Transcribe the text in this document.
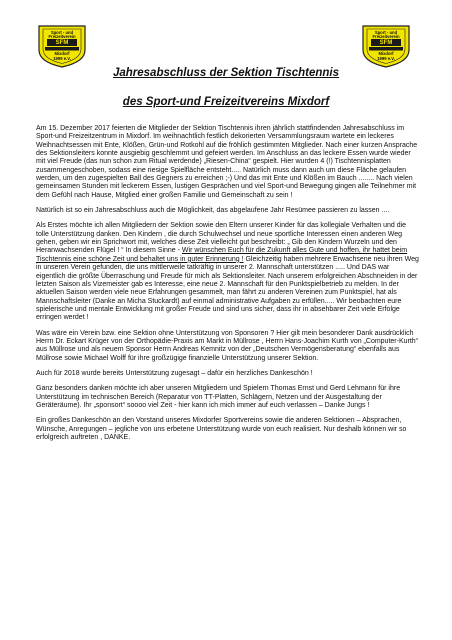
Sport - und
Freizeitverein
SFM
Mixdorf
1999 e.V.
Sport - und
Freizeitverein
SFM
Mixdorf
1999 e.V.
Jahresabschluss der Sektion Tischtennis
des Sport-und Freizeitvereins Mixdorf

Am 15. Dezember 2017 feierten die Mitglieder der Sektion Tischtennis ihren jährlich stattfindenden Jahresabschluss im Sport-und Freizeitzentrum in Mixdorf. Im weihnachtlich festlich dekorierten Versammlungsraum wartete ein leckeres Weihnachtsessen mit Ente, Klößen, Grün-und Rotkohl auf die fröhlich gestimmten Mitglieder. Nach einer kurzen Ansprache des Sektionsleiters konnte ausgiebig geschlemmt und gefeiert werden. Im Anschluss an das leckere Essen wurde wieder mit viel Freude (das nun schon zum Ritual werdende) „Riesen-China“ gespielt. Hier wurden 4 (!) Tischtennisplatten zusammengeschoben, sodass eine riesige Spielfläche entsteht..... Natürlich muss dann auch um diese Fläche gelaufen werden, um den zugespielten Ball des Gegners zu erreichen ;-) Und das mit Ente und Klößen im Bauch ........ Nach vielen gemeinsamen Stunden mit leckerem Essen, lustigen Gesprächen und viel Sport-und Bewegung gingen alle Teilnehmer mit dem Gefühl nach Hause, Mitglied einer großen Familie und Gemeinschaft zu sein !

Natürlich ist so ein Jahresabschluss auch die Möglichkeit, das abgelaufene Jahr Resümee passieren zu lassen ....

Als Erstes möchte ich allen Mitgliedern der Sektion sowie den Eltern unserer Kinder für das kollegiale Verhalten und die tolle Unterstützung danken. Den Kindern , die durch Schulwechsel und neue sportliche Interessen einen anderen Weg gehen, geben wir ein Sprichwort mit, welches diese Zeit vielleicht gut beschreibt: „ Gib den Kindern Wurzeln und den Heranwachsenden Flügel ! “ In diesem Sinne - Wir wünschen Euch für die Zukunft alles Gute und hoffen, ihr hattet beim Tischtennis eine schöne Zeit und behaltet uns in guter Erinnerung ! Gleichzeitig haben mehrere Erwachsene neu ihren Weg in unseren Verein gefunden, die uns mittlerweile tatkräftig in unserer 2. Mannschaft unterstützen ..... Und DAS war eigentlich die größte Überraschung und Freude für mich als Sektionsleiter. Nach unserem erfolgreichen Abschneiden in der letzten Saison als Vizemeister gab es Interesse, eine neue 2. Mannschaft für den Punktspielbetrieb zu melden. In der aktuellen Saison werden viele neue Erfahrungen gesammelt, man fährt zu anderen Vereinen zum Punktspiel, hat als Mannschaftsleiter (Danke an Micha Stuckardt) auf einmal administrative Aufgaben zu erfüllen..... Wir beobachten eure spielerische und mentale Entwicklung mit großer Freude und sind uns sicher, dass ihr in absehbarer Zeit viele Erfolge erringen werdet !

Was wäre ein Verein bzw. eine Sektion ohne Unterstützung von Sponsoren ? Hier gilt mein besonderer Dank ausdrücklich Herrn Dr. Eckart Krüger von der Orthopädie-Praxis am Markt in Müllrose , Herrn Hans-Joachim Kurth von „Computer-Kurth“ aus Müllrose und als neuem Sponsor Herrn Andreas Kemnitz von der „Deutschen Vermögensberatung“ ebenfalls aus Müllrose sowie Michael Wolff für ihre großzügige finanzielle Unterstützung unserer Sektion.

Auch für 2018 wurde bereits Unterstützung zugesagt – dafür ein herzliches Dankeschön !

Ganz besonders danken möchte ich aber unseren Mitgliedern und Spielern Thomas Ernst und Gerd Lehmann für ihre Unterstützung im technischen Bereich (Reparatur von TT-Platten, Schlägern, Netzen und der Ausgestaltung der Geräteräume). Ihr „sponsort“ soooo viel Zeit - hier kann ich mich immer auf euch verlassen – Danke Jungs !

Ein großes Dankeschön an den Vorstand unseres Mixdorfer Sportvereins sowie die anderen Sektionen – Absprachen, Wünsche, Anregungen – jegliche von uns erbetene Unterstützung wurde von euch realisiert. Nur deshalb können wir so erfolgreich auftreten , DANKE.
